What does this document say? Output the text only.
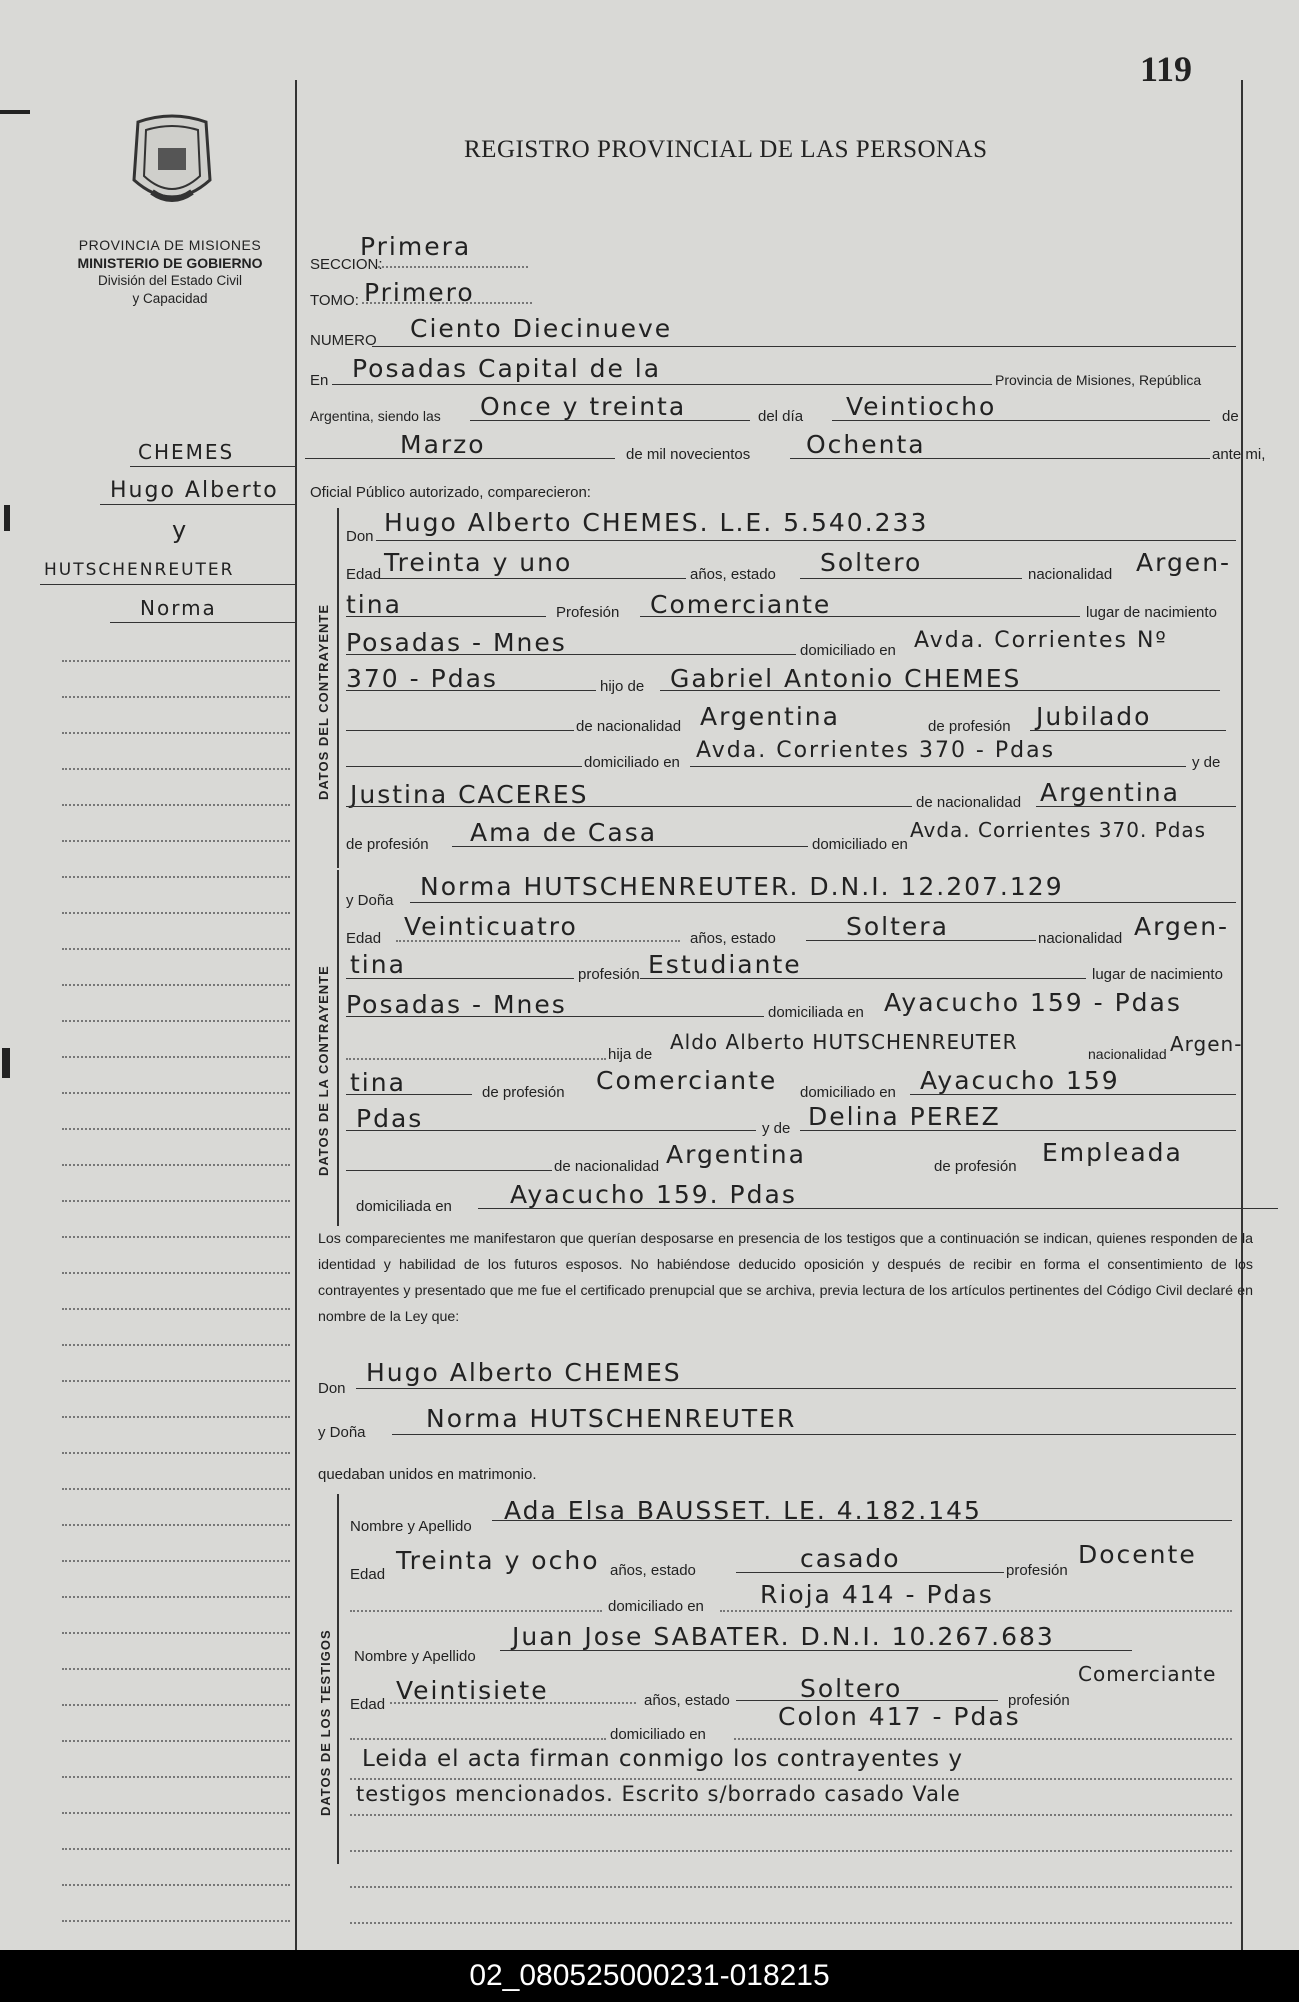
119
REGISTRO PROVINCIAL DE LAS PERSONAS
PROVINCIA DE MISIONES
MINISTERIO DE GOBIERNO
División del Estado Civil
y Capacidad
CHEMES
Hugo Alberto
y
HUTSCHENREUTER
Norma
SECCION:
Primera
TOMO: Primero
NUMERO Ciento Diecinueve
En Posadas Capital de la	Provincia de Misiones, República
Argentina, siendo las Once y treinta	del día Veintiocho	de
Marzo	de mil novecientos Ochenta	ante mi,
Oficial Público autorizado, comparecieron:
DATOS DEL CONTRAYENTE
Don Hugo Alberto CHEMES. L.E. 5.540.233
Edad Treinta y uno	años, estado Soltero	nacionalidad Argen-
tina	Profesión Comerciante	lugar de nacimiento
Posadas - Mnes	domiciliado en Avda. Corrientes Nº
370 - Pdas	hijo de Gabriel Antonio CHEMES
de nacionalidad Argentina	de profesión Jubilado
domiciliado en Avda. Corrientes 370 - Pdas	y de
Justina CACERES	de nacionalidad Argentina
de profesión Ama de Casa	domiciliado en
Avda. Corrientes 370. Pdas
DATOS DE LA CONTRAYENTE
y Doña Norma HUTSCHENREUTER. D.N.I. 12.207.129
Edad Veinticuatro	años, estado	Soltera	nacionalidad Argen-
tina	profesión Estudiante	lugar de nacimiento
Posadas - Mnes	domiciliada en Ayacucho 159 - Pdas
hija de
Aldo Alberto HUTSCHENREUTER	nacionalidad Argen-
tina	de profesión Comerciante domiciliado en Ayacucho 159
Pdas	y de Delina PEREZ
de nacionalidad Argentina	de profesión Empleada
domiciliada en Ayacucho 159. Pdas
Los comparecientes me manifestaron que querían desposarse en presencia de los testigos que a continuación se indican, quienes responden de la identidad y habilidad de los futuros esposos. No habiéndose deducido oposición y después de recibir en forma el consentimiento de los contrayentes y presentado que me fue el certificado prenupcial que se archiva, previa lectura de los artículos pertinentes del Código Civil declaré en nombre de la Ley que:
Don
Hugo Alberto CHEMES
y Doña Norma HUTSCHENREUTER
quedaban unidos en matrimonio.
DATOS DE LOS TESTIGOS
Nombre y Apellido
Ada Elsa BAUSSET. LE. 4.182.145
Edad Treinta y ocho años, estado	casado	profesión
Docente
domiciliado en Rioja 414 - Pdas
Nombre y Apellido
Juan Jose SABATER. D.N.I. 10.267.683
Edad Veintisiete	años, estado	Soltero	profesión
Comerciante
domiciliado en
Colon 417 - Pdas
Leida el acta firman conmigo los contrayentes y
testigos mencionados. Escrito s/borrado casado Vale
02_080525000231-018215
